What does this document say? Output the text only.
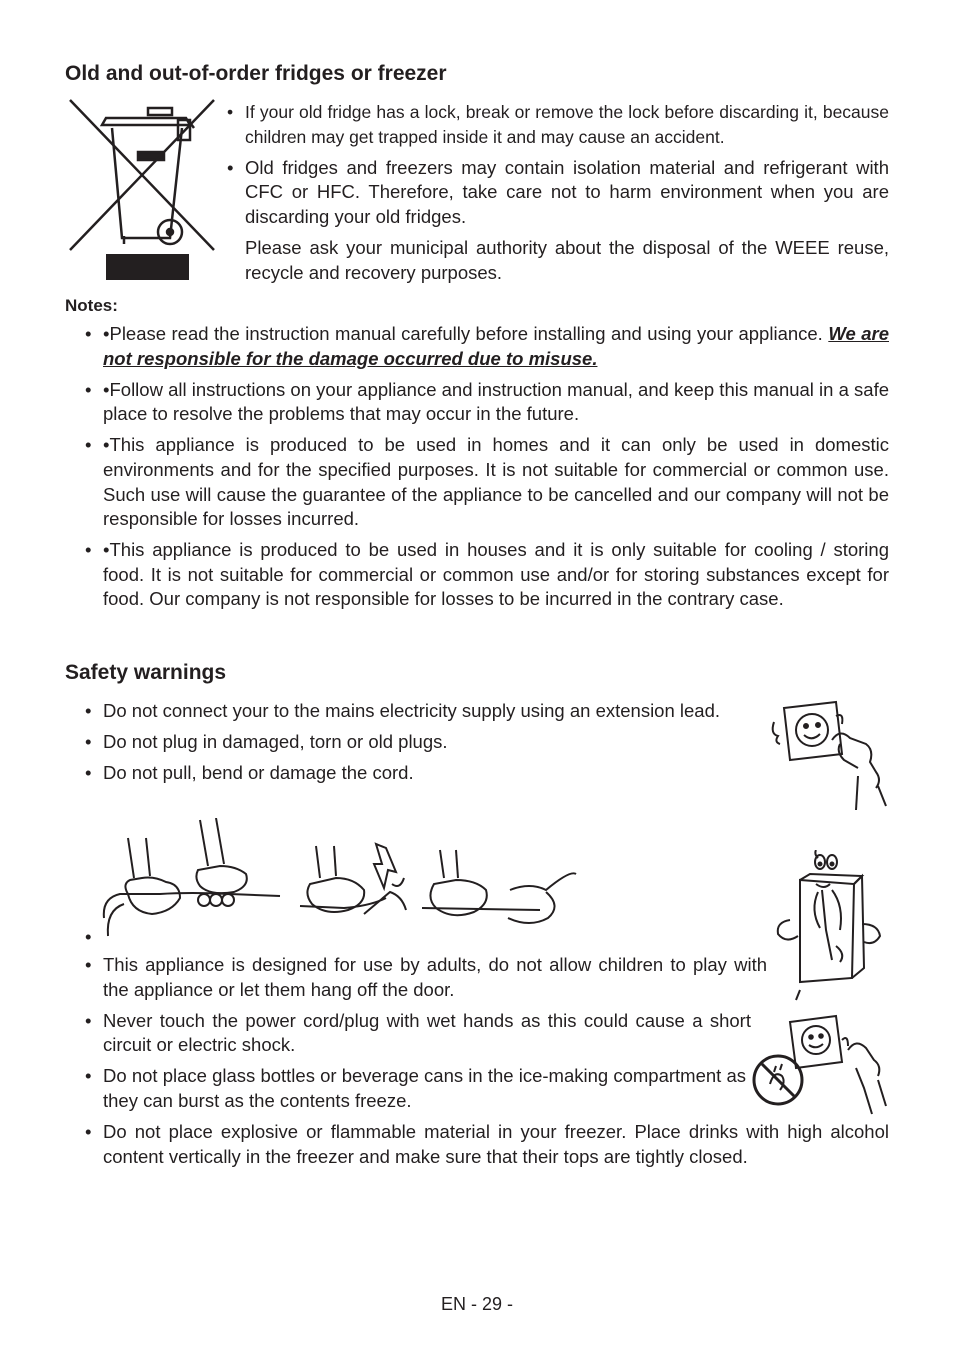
Old and out-of-order fridges or freezer
• If your old fridge has a lock, break or remove the lock before discarding it, because children may get trapped inside it and may cause an accident.
• Old fridges and freezers may contain isolation material and refrigerant with CFC or HFC. Therefore, take care not to harm environment when you are discarding your old fridges.
Please ask your municipal authority about the disposal of the WEEE reuse, recycle and recovery purposes.
Notes:
• •Please read the instruction manual carefully before installing and using your appliance. We are not responsible for the damage occurred due to misuse.
• •Follow all instructions on your appliance and instruction manual, and keep this manual in a safe place to resolve the problems that may occur in the future.
• •This appliance is produced to be used in homes and it can only be used in domestic environments and for the specified purposes. It is not suitable for commercial or common use. Such use will cause the guarantee of the appliance to be cancelled and our company will not be responsible for losses incurred.
• •This appliance is produced to be used in houses and it is only suitable for cooling / storing food. It is not suitable for commercial or common use and/or for storing substances except for food. Our company is not responsible for losses to be incurred in the contrary case.
Safety warnings
• Do not connect your to the mains electricity supply using an extension lead.
• Do not plug in damaged, torn or old plugs.
• Do not pull, bend or damage the cord.
•
• This appliance is designed for use by adults, do not allow children to play with the appliance or let them hang off the door.
• Never touch the power cord/plug with wet hands as this could cause a short circuit or electric shock.
• Do not place glass bottles or beverage cans in the ice-making compartment as they can burst as the contents freeze.
• Do not place explosive or flammable material in your freezer. Place drinks with high alcohol content vertically in the freezer and make sure that their tops are tightly closed.
EN - 29 -
